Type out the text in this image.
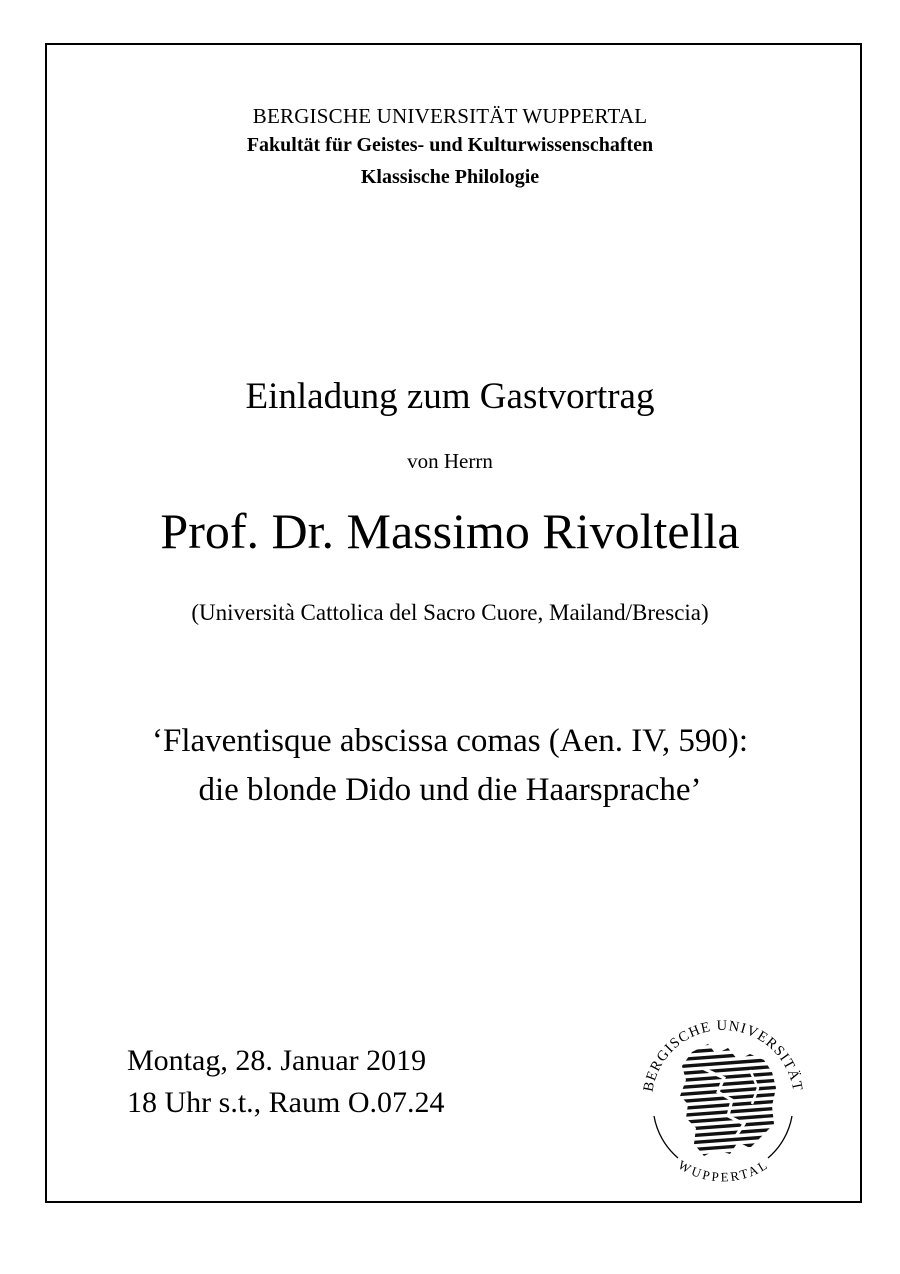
BERGISCHE UNIVERSITÄT WUPPERTAL
Fakultät für Geistes- und Kulturwissenschaften
Klassische Philologie
Einladung zum Gastvortrag
von Herrn
Prof. Dr. Massimo Rivoltella
(Università Cattolica del Sacro Cuore, Mailand/Brescia)
‘Flaventisque abscissa comas (Aen. IV, 590):
die blonde Dido und die Haarsprache’
Montag, 28. Januar 2019
18 Uhr s.t., Raum O.07.24	BERGISCHE UNIVERSITÄT
WUPPERTAL
